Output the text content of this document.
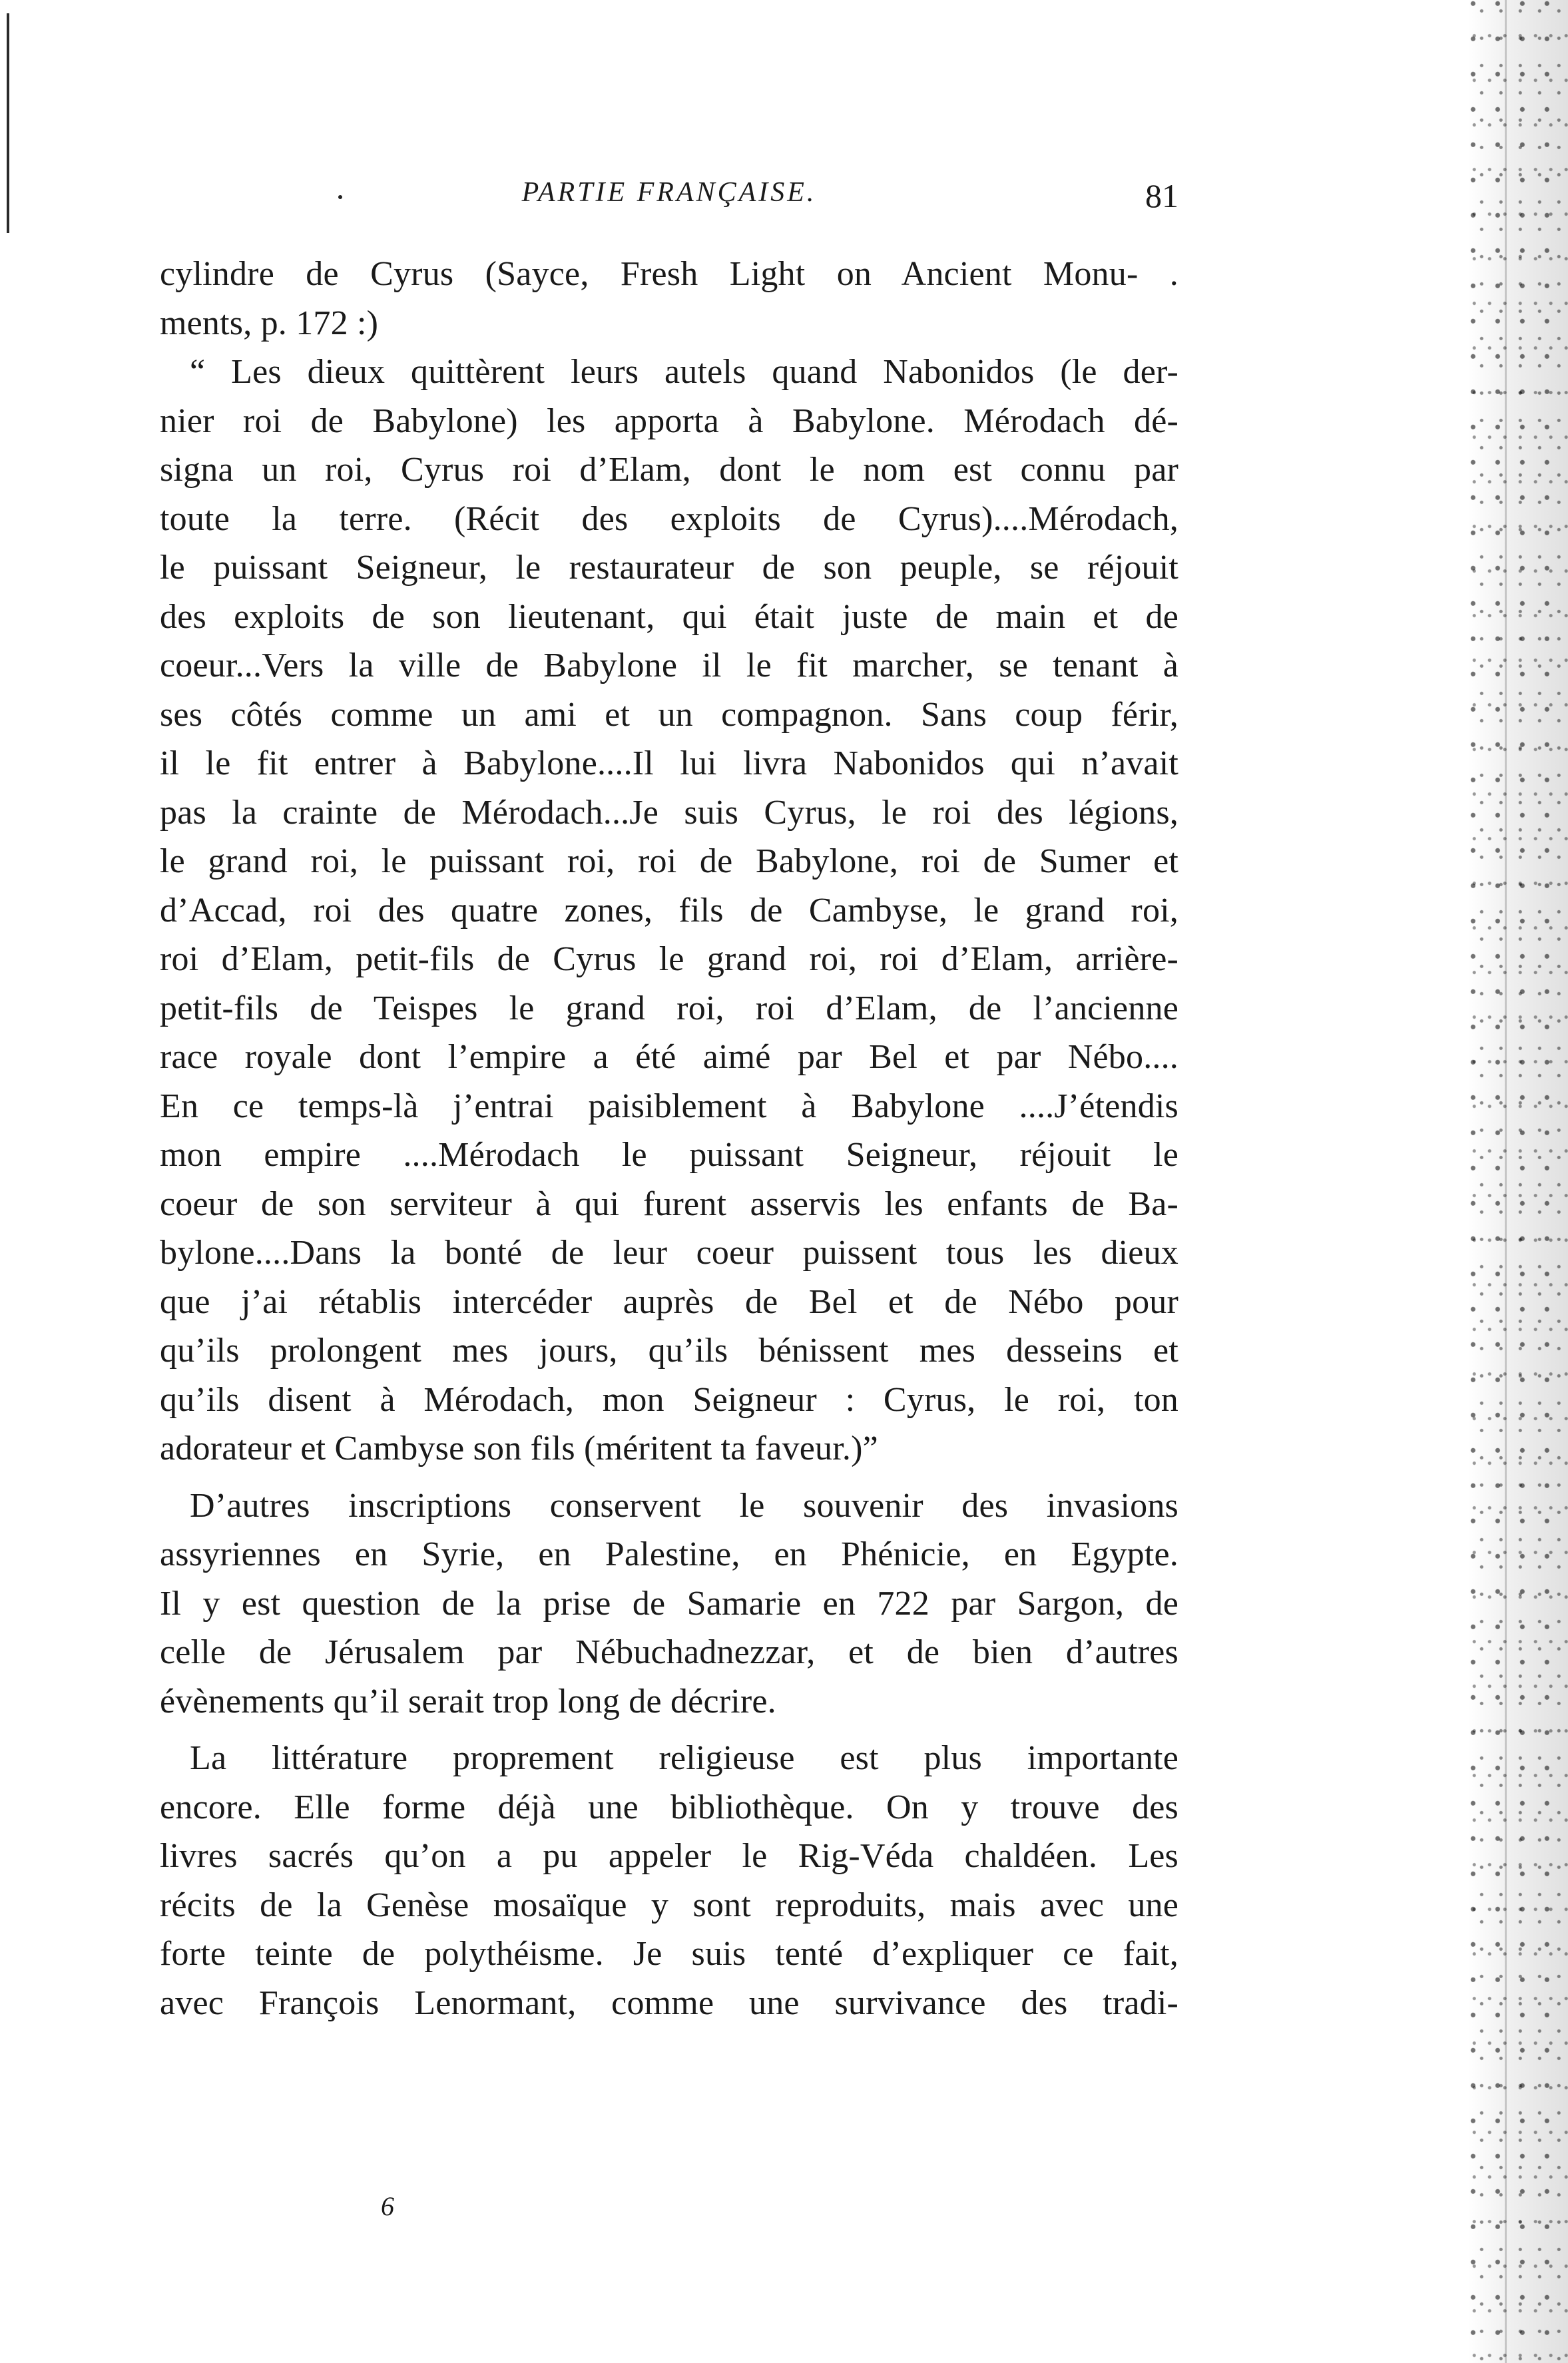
PARTIE FRANÇAISE.	81
cylindre de Cyrus (Sayce, Fresh Light on Ancient Monu- .
ments, p. 172 :)
“ Les dieux quittèrent leurs autels quand Nabonidos (le der-
nier roi de Babylone) les apporta à Babylone. Mérodach dé-
signa un roi, Cyrus roi d’Elam, dont le nom est connu par
toute la terre. (Récit des exploits de Cyrus)....Mérodach,
le puissant Seigneur, le restaurateur de son peuple, se réjouit
des exploits de son lieutenant, qui était juste de main et de
coeur...Vers la ville de Babylone il le fit marcher, se tenant à
ses côtés comme un ami et un compagnon. Sans coup férir,
il le fit entrer à Babylone....Il lui livra Nabonidos qui n’avait
pas la crainte de Mérodach...Je suis Cyrus, le roi des légions,
le grand roi, le puissant roi, roi de Babylone, roi de Sumer et
d’Accad, roi des quatre zones, fils de Cambyse, le grand roi,
roi d’Elam, petit-fils de Cyrus le grand roi, roi d’Elam, arrière-
petit-fils de Teispes le grand roi, roi d’Elam, de l’ancienne
race royale dont l’empire a été aimé par Bel et par Nébo....
En ce temps-là j’entrai paisiblement à Babylone ....J’étendis
mon empire ....Mérodach le puissant Seigneur, réjouit le
coeur de son serviteur à qui furent asservis les enfants de Ba-
bylone....Dans la bonté de leur coeur puissent tous les dieux
que j’ai rétablis intercéder auprès de Bel et de Nébo pour
qu’ils prolongent mes jours, qu’ils bénissent mes desseins et
qu’ils disent à Mérodach, mon Seigneur : Cyrus, le roi, ton
adorateur et Cambyse son fils (méritent ta faveur.)”
D’autres inscriptions conservent le souvenir des invasions
assyriennes en Syrie, en Palestine, en Phénicie, en Egypte.
Il y est question de la prise de Samarie en 722 par Sargon, de
celle de Jérusalem par Nébuchadnezzar, et de bien d’autres
évènements qu’il serait trop long de décrire.
La littérature proprement religieuse est plus importante
encore. Elle forme déjà une bibliothèque. On y trouve des
livres sacrés qu’on a pu appeler le Rig-Véda chaldéen. Les
récits de la Genèse mosaïque y sont reproduits, mais avec une
forte teinte de polythéisme. Je suis tenté d’expliquer ce fait,
avec François Lenormant, comme une survivance des tradi-
6
